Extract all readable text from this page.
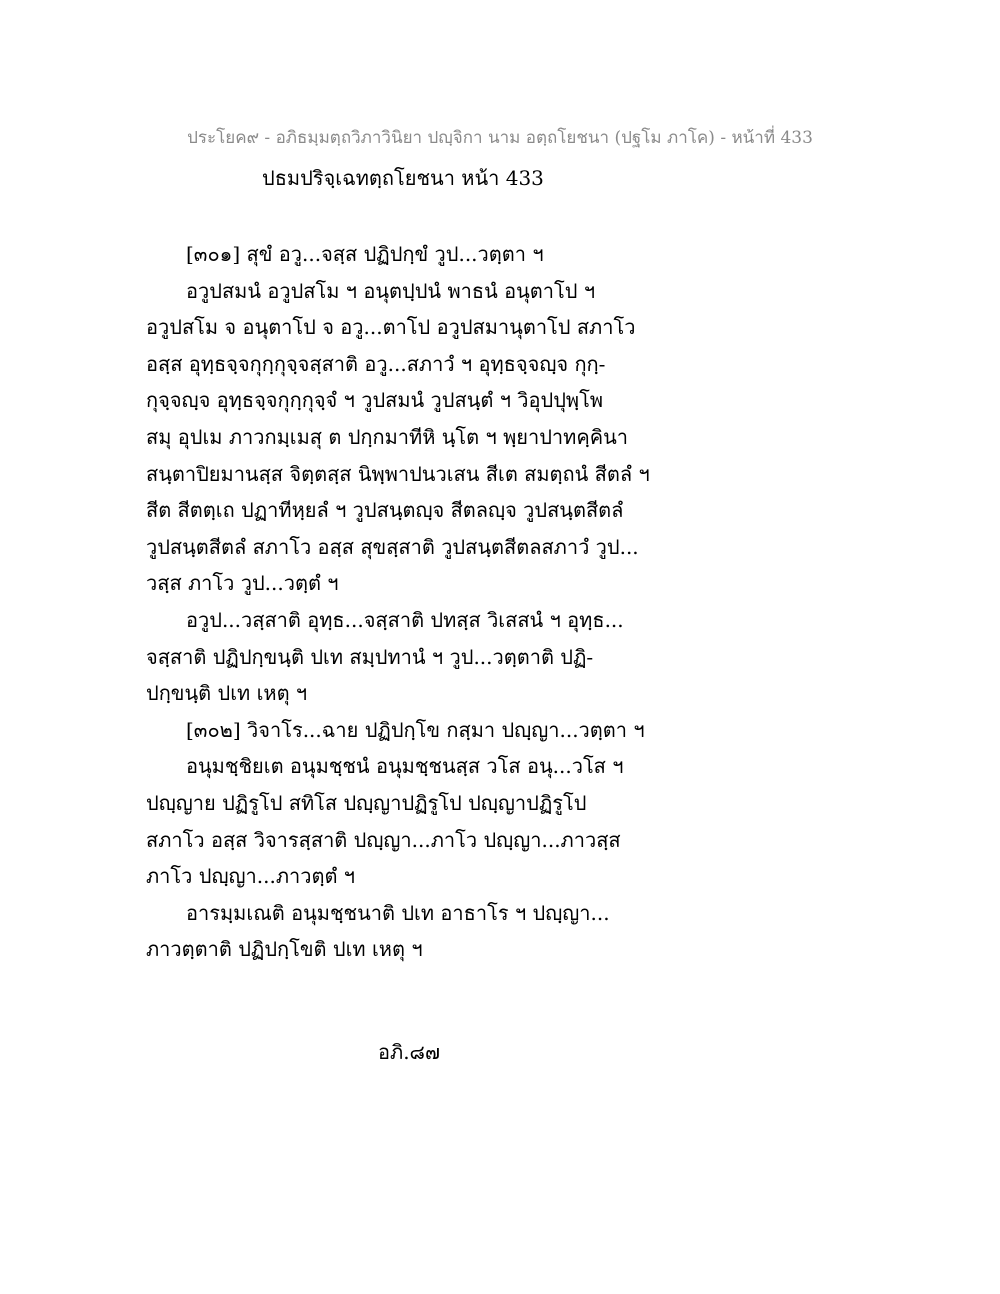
ประโยค๙ - อภิธมฺมตฺถวิภาวินิยา ปญฺจิกา นาม อตฺถโยชนา (ปฐโม ภาโค) - หน้าที่ 433
ปธมปริจฺเฉทตฺถโยชนา หน้า 433
[๓๐๑] สุขํ อวู...จสฺส ปฏิปกฺขํ วูป...วตฺตา ฯ
อวูปสมนํ อวูปสโม ฯ อนุตปฺปนํ พาธนํ อนุตาโป ฯ
อวูปสโม จ อนุตาโป จ อวู...ตาโป อวูปสมานุตาโป สภาโว
อสฺส อุทฺธจฺจกุกฺกุจฺจสฺสาติ อวู...สภาวํ ฯ อุทฺธจฺจญฺจ กุกฺ-
กุจฺจญฺจ อุทฺธจฺจกุกฺกุจฺจํ ฯ วูปสมนํ วูปสนฺตํ ฯ วิอุปปุพฺโพ
สมุ อุปเม ภาวกมฺเมสุ ต ปกฺกมาทีหิ นฺโต ฯ พฺยาปาทคฺคินา
สนฺตาปิยมานสฺส จิตฺตสฺส นิพฺพาปนวเสน สีเต สมตฺถนํ สีตลํ ฯ
สีต สีตตฺเถ ปฏาทีหฺยลํ ฯ วูปสนฺตญฺจ สีตลญฺจ วูปสนฺตสีตลํ
วูปสนฺตสีตลํ สภาโว อสฺส สุขสฺสาติ วูปสนฺตสีตลสภาวํ วูป...
วสฺส ภาโว วูป...วตฺตํ ฯ
อวูป...วสฺสาติ อุทฺธ...จสฺสาติ ปทสฺส วิเสสนํ ฯ อุทฺธ...
จสฺสาติ ปฏิปกฺขนฺติ ปเท สมฺปทานํ ฯ วูป...วตฺตาติ ปฏิ-
ปกฺขนฺติ ปเท เหตุ ฯ
[๓๐๒] วิจาโร...ฉาย ปฏิปกฺโข กสฺมา ปญฺญา...วตฺตา ฯ
อนุมชฺชิยเต อนุมชฺชนํ อนุมชฺชนสฺส วโส อนุ...วโส ฯ
ปญฺญาย ปฏิรูโป สทิโส ปญฺญาปฏิรูโป ปญฺญาปฏิรูโป
สภาโว อสฺส วิจารสฺสาติ ปญฺญา...ภาโว ปญฺญา...ภาวสฺส
ภาโว ปญฺญา...ภาวตฺตํ ฯ
อารมฺมเณติ อนุมชฺชนาติ ปเท อาธาโร ฯ ปญฺญา...
ภาวตฺตาติ ปฏิปกฺโขติ ปเท เหตุ ฯ
อภิ.๘๗
